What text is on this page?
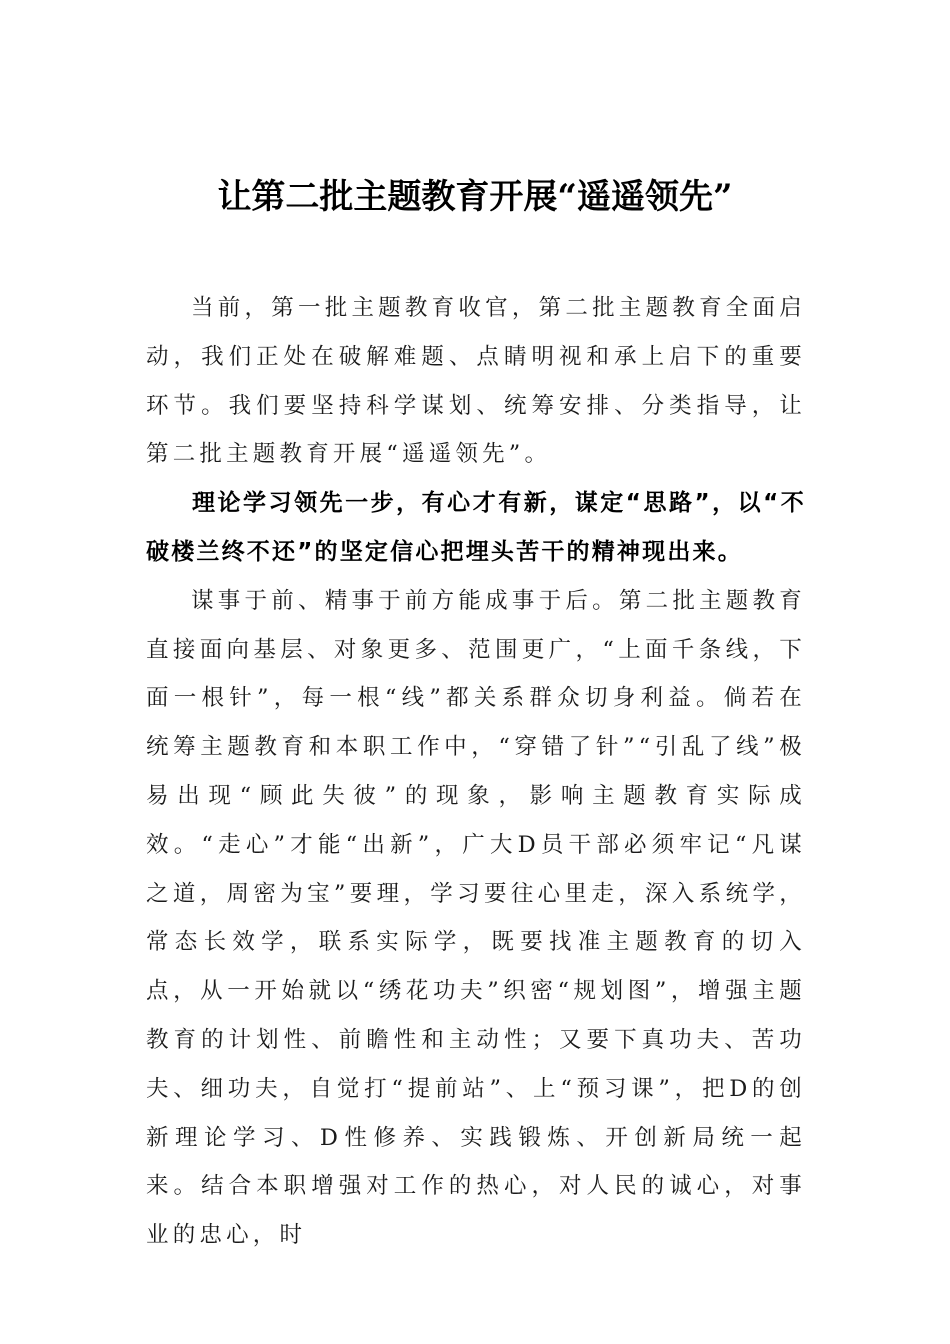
让第二批主题教育开展“遥遥领先”

当前，第一批主题教育收官，第二批主题教育全面启动，我们正处在破解难题、点睛明视和承上启下的重要环节。我们要坚持科学谋划、统筹安排、分类指导，让第二批主题教育开展“遥遥领先”。

理论学习领先一步，有心才有新，谋定“思路”，以“不破楼兰终不还”的坚定信心把埋头苦干的精神现出来。

谋事于前、精事于前方能成事于后。第二批主题教育直接面向基层、对象更多、范围更广，“上面千条线，下面一根针”，每一根“线”都关系群众切身利益。倘若在统筹主题教育和本职工作中，“穿错了针”“引乱了线”极易出现“顾此失彼”的现象，影响主题教育实际成效。“走心”才能“出新”，广大D员干部必须牢记“凡谋之道，周密为宝”要理，学习要往心里走，深入系统学，常态长效学，联系实际学，既要找准主题教育的切入点，从一开始就以“绣花功夫”织密“规划图”，增强主题教育的计划性、前瞻性和主动性；又要下真功夫、苦功夫、细功夫，自觉打“提前站”、上“预习课”，把D的创新理论学习、D性修养、实践锻炼、开创新局统一起来。结合本职增强对工作的热心，对人民的诚心，对事业的忠心，时
